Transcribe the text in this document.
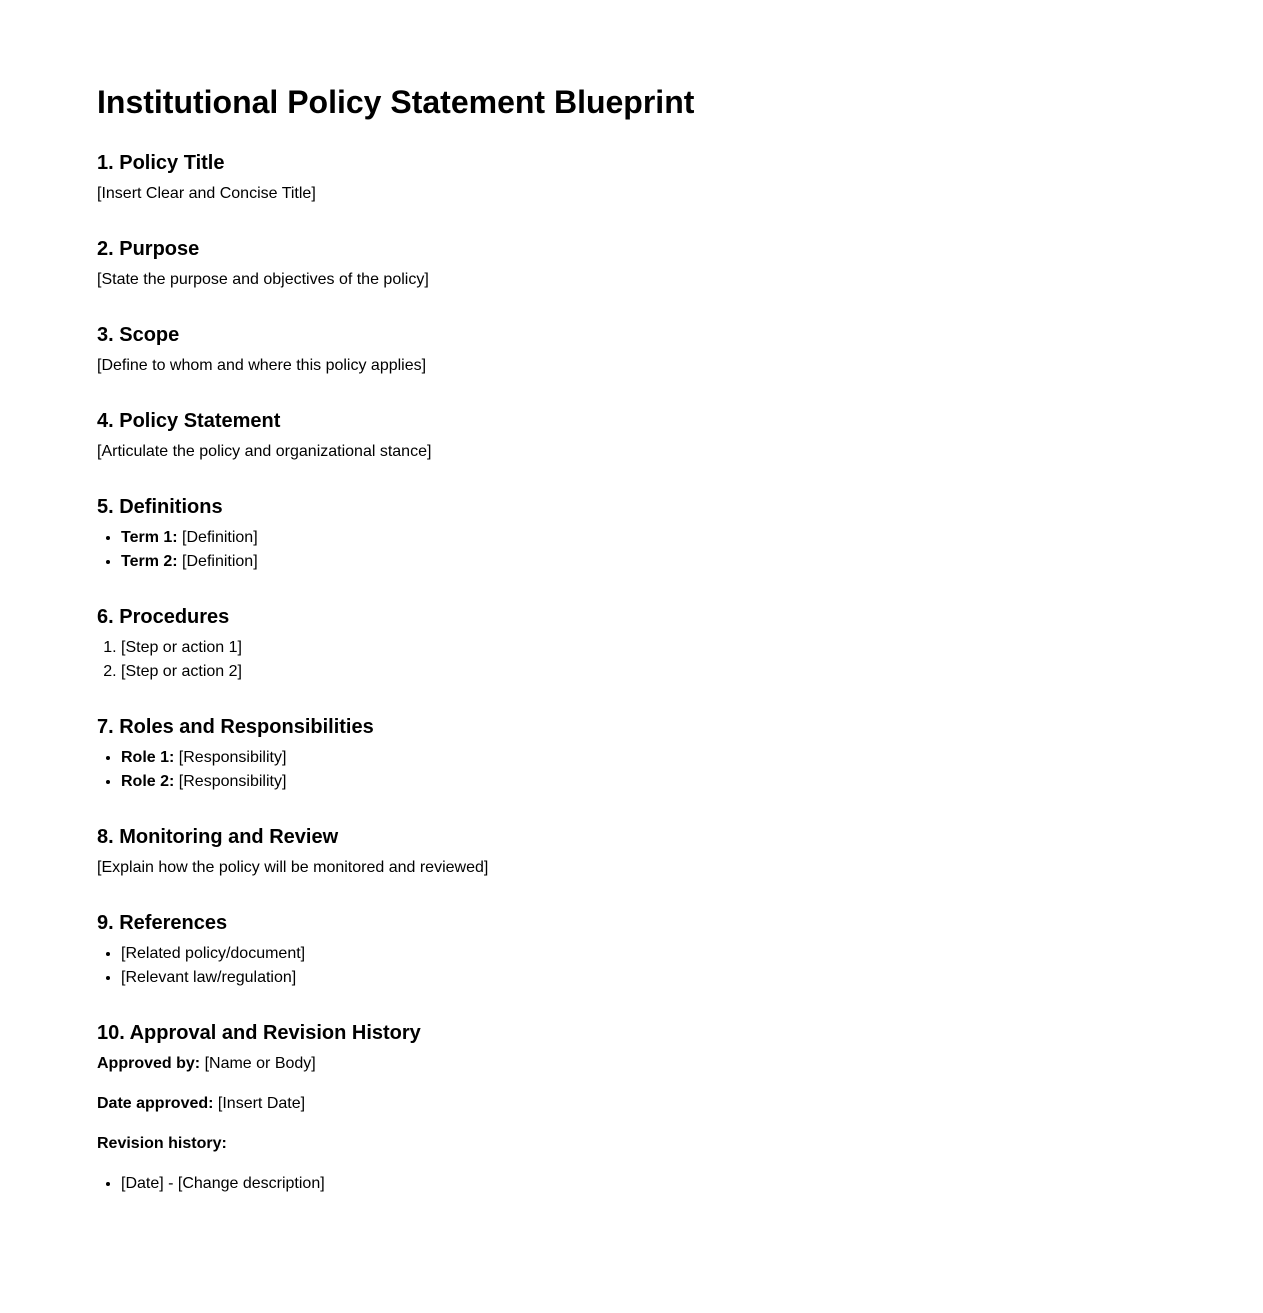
Institutional Policy Statement Blueprint
1. Policy Title

[Insert Clear and Concise Title]

2. Purpose

[State the purpose and objectives of the policy]

3. Scope

[Define to whom and where this policy applies]

4. Policy Statement

[Articulate the policy and organizational stance]

5. Definitions
• Term 1: [Definition]
• Term 2: [Definition]
6. Procedures
1. [Step or action 1]
2. [Step or action 2]
7. Roles and Responsibilities
• Role 1: [Responsibility]
• Role 2: [Responsibility]
8. Monitoring and Review

[Explain how the policy will be monitored and reviewed]

9. References
• [Related policy/document]
• [Relevant law/regulation]
10. Approval and Revision History

Approved by: [Name or Body]

Date approved: [Insert Date]

Revision history:

• [Date] - [Change description]
